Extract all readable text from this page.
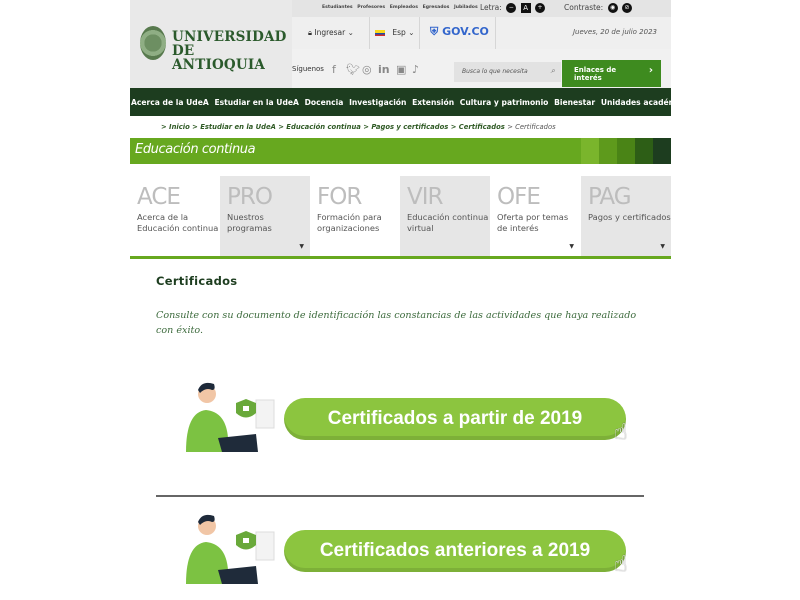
UNIVERSIDAD
DE ANTIOQUIA
Estudiantes Profesores Empleados Egresados Jubilados Letra: − A +	Contraste: ◉ ⊘
🔒︎ Ingresar ⌄	Esp ⌄	⛨ GOV.CO	Jueves, 20 de julio 2023
Síguenos f 🐦︎ ◎ in ▣ ♪	Busca lo que necesita	⌕	Enlaces de
interés
›
Acerca de la UdeA Estudiar en la UdeA Docencia Investigación Extensión Cultura y patrimonio Bienestar Unidades académicas
> Inicio > Estudiar en la UdeA > Educación continua > Pagos y certificados > Certificados > Certificados
Educación continua
ACE
Acerca de la Educación continua
PRO
Nuestros programas
▼
FOR
Formación para organizaciones
VIR
Educación continua virtual
OFE
Oferta por temas de interés
▼
PAG
Pagos y certificados
▼
Certificados
Consulte con su documento de identificación las constancias de las actividades que haya realizado con éxito.
Certificados a partir de 2019
☝
Certificados anteriores a 2019
☝
